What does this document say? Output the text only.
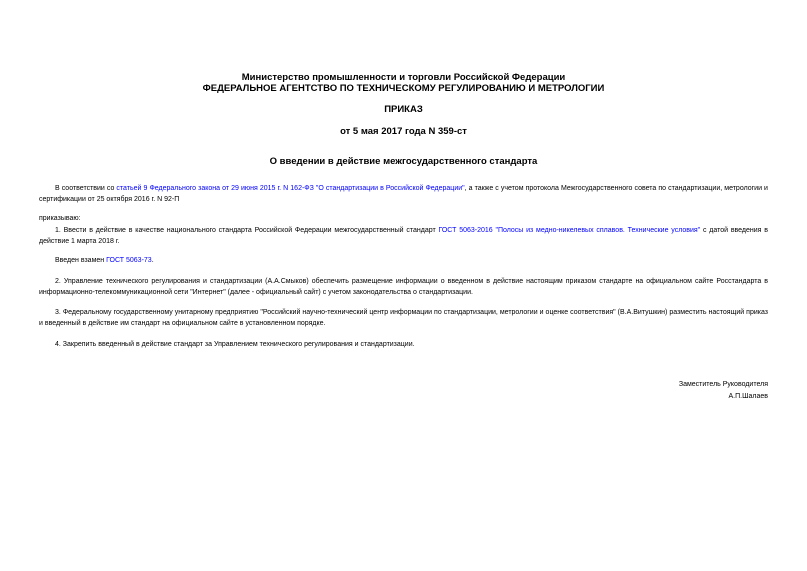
Министерство промышленности и торговли Российской Федерации
ФЕДЕРАЛЬНОЕ АГЕНТСТВО ПО ТЕХНИЧЕСКОМУ РЕГУЛИРОВАНИЮ И МЕТРОЛОГИИ
ПРИКАЗ
от 5 мая 2017 года N 359-ст
О введении в действие межгосударственного стандарта
В соответствии со статьей 9 Федерального закона от 29 июня 2015 г. N 162-ФЗ "О стандартизации в Российской Федерации", а также с учетом протокола Межгосударственного совета по стандартизации, метрологии и сертификации от 25 октября 2016 г. N 92-П
приказываю:
1. Ввести в действие в качестве национального стандарта Российской Федерации межгосударственный стандарт ГОСТ 5063-2016 "Полосы из медно-никелевых сплавов. Технические условия" с датой введения в действие 1 марта 2018 г.
Введен взамен ГОСТ 5063-73.
2. Управление технического регулирования и стандартизации (А.А.Смыков) обеспечить размещение информации о введенном в действие настоящим приказом стандарте на официальном сайте Росстандарта в информационно-телекоммуникационной сети "Интернет" (далее - официальный сайт) с учетом законодательства о стандартизации.
3. Федеральному государственному унитарному предприятию "Российский научно-технический центр информации по стандартизации, метрологии и оценке соответствия" (В.А.Витушкин) разместить настоящий приказ и введенный в действие им стандарт на официальном сайте в установленном порядке.
4. Закрепить введенный в действие стандарт за Управлением технического регулирования и стандартизации.
Заместитель Руководителя
А.П.Шалаев
